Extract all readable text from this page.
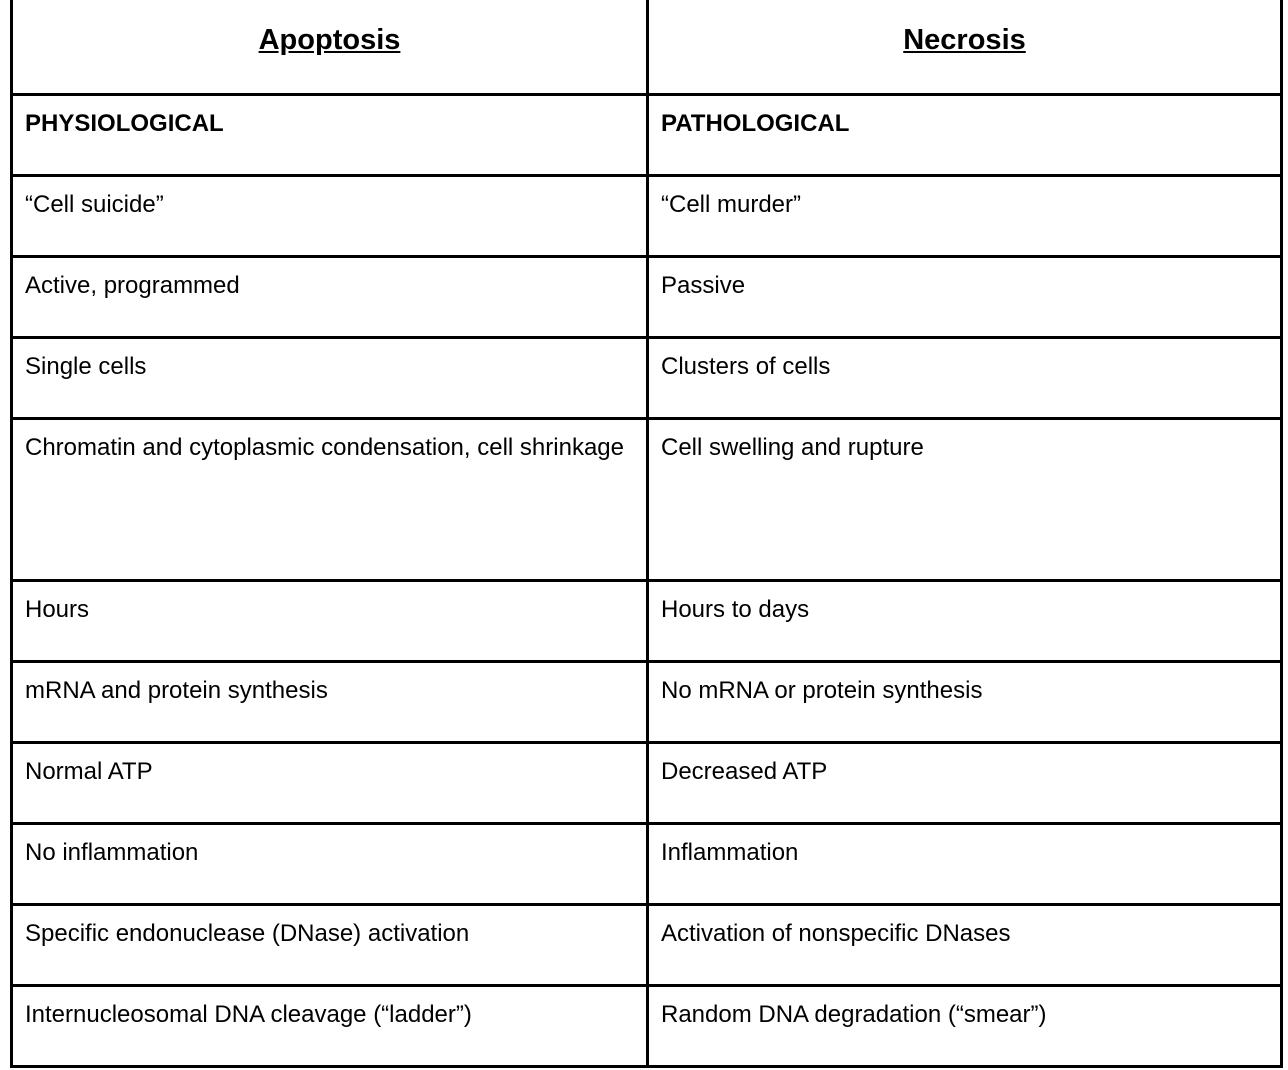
Apoptosis	Necrosis

PHYSIOLOGICAL	PATHOLOGICAL

“Cell suicide”	“Cell murder”

Active, programmed	Passive

Single cells	Clusters of cells

Chromatin and cytoplasmic condensation, cell shrinkage	Cell swelling and rupture

Hours	Hours to days

mRNA and protein synthesis	No mRNA or protein synthesis

Normal ATP	Decreased ATP

No inflammation	Inflammation

Specific endonuclease (DNase) activation	Activation of nonspecific DNases

Internucleosomal DNA cleavage (“ladder”)	Random DNA degradation (“smear”)
